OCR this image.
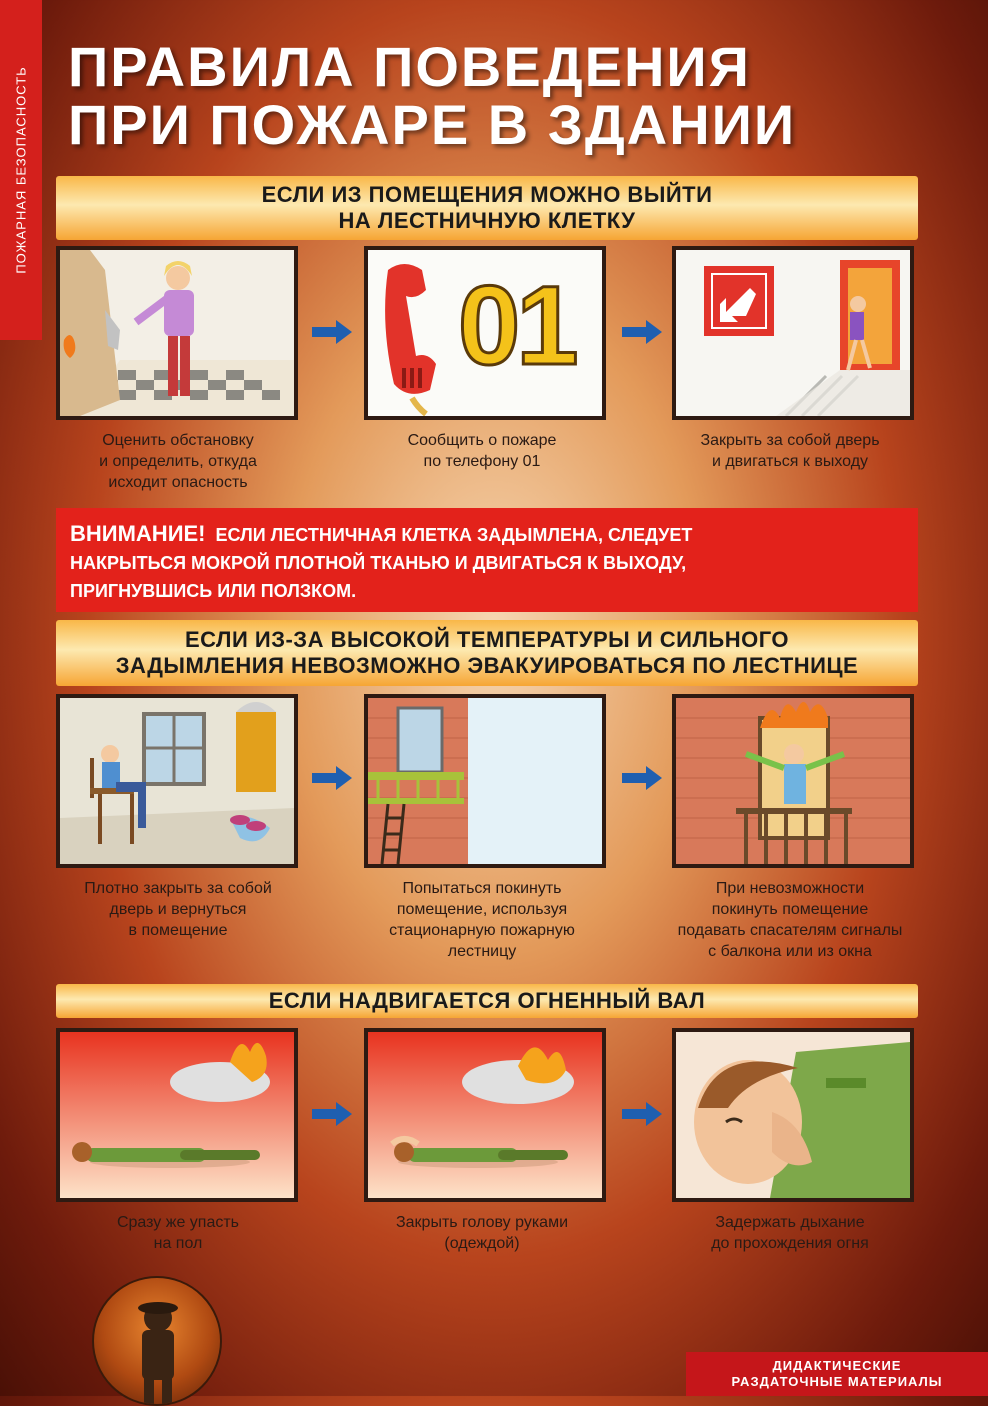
ПОЖАРНАЯ БЕЗОПАСНОСТЬ ПРАВИЛА ПОВЕДЕНИЯ
ПРИ ПОЖАРЕ В ЗДАНИИ
ЕСЛИ ИЗ ПОМЕЩЕНИЯ МОЖНО ВЫЙТИ
НА ЛЕСТНИЧНУЮ КЛЕТКУ
01
Оценить обстановку
и определить, откуда
исходит опасность
Сообщить о пожаре
по телефону 01
Закрыть за собой дверь
и двигаться к выходу
ВНИМАНИЕ! ЕСЛИ ЛЕСТНИЧНАЯ КЛЕТКА ЗАДЫМЛЕНА, СЛЕДУЕТ
НАКРЫТЬСЯ МОКРОЙ ПЛОТНОЙ ТКАНЬЮ И ДВИГАТЬСЯ К ВЫХОДУ,
ПРИГНУВШИСЬ ИЛИ ПОЛЗКОМ.
ЕСЛИ ИЗ-ЗА ВЫСОКОЙ ТЕМПЕРАТУРЫ И СИЛЬНОГО
ЗАДЫМЛЕНИЯ НЕВОЗМОЖНО ЭВАКУИРОВАТЬСЯ ПО ЛЕСТНИЦЕ
Плотно закрыть за собой
дверь и вернуться
в помещение
Попытаться покинуть
помещение, используя
стационарную пожарную
лестницу
При невозможности
покинуть помещение
подавать спасателям сигналы
с балкона или из окна
ЕСЛИ НАДВИГАЕТСЯ ОГНЕННЫЙ ВАЛ
Сразу же упасть
на пол
Закрыть голову руками
(одеждой)
Задержать дыхание
до прохождения огня
ДИДАКТИЧЕСКИЕ
РАЗДАТОЧНЫЕ МАТЕРИАЛЫ
